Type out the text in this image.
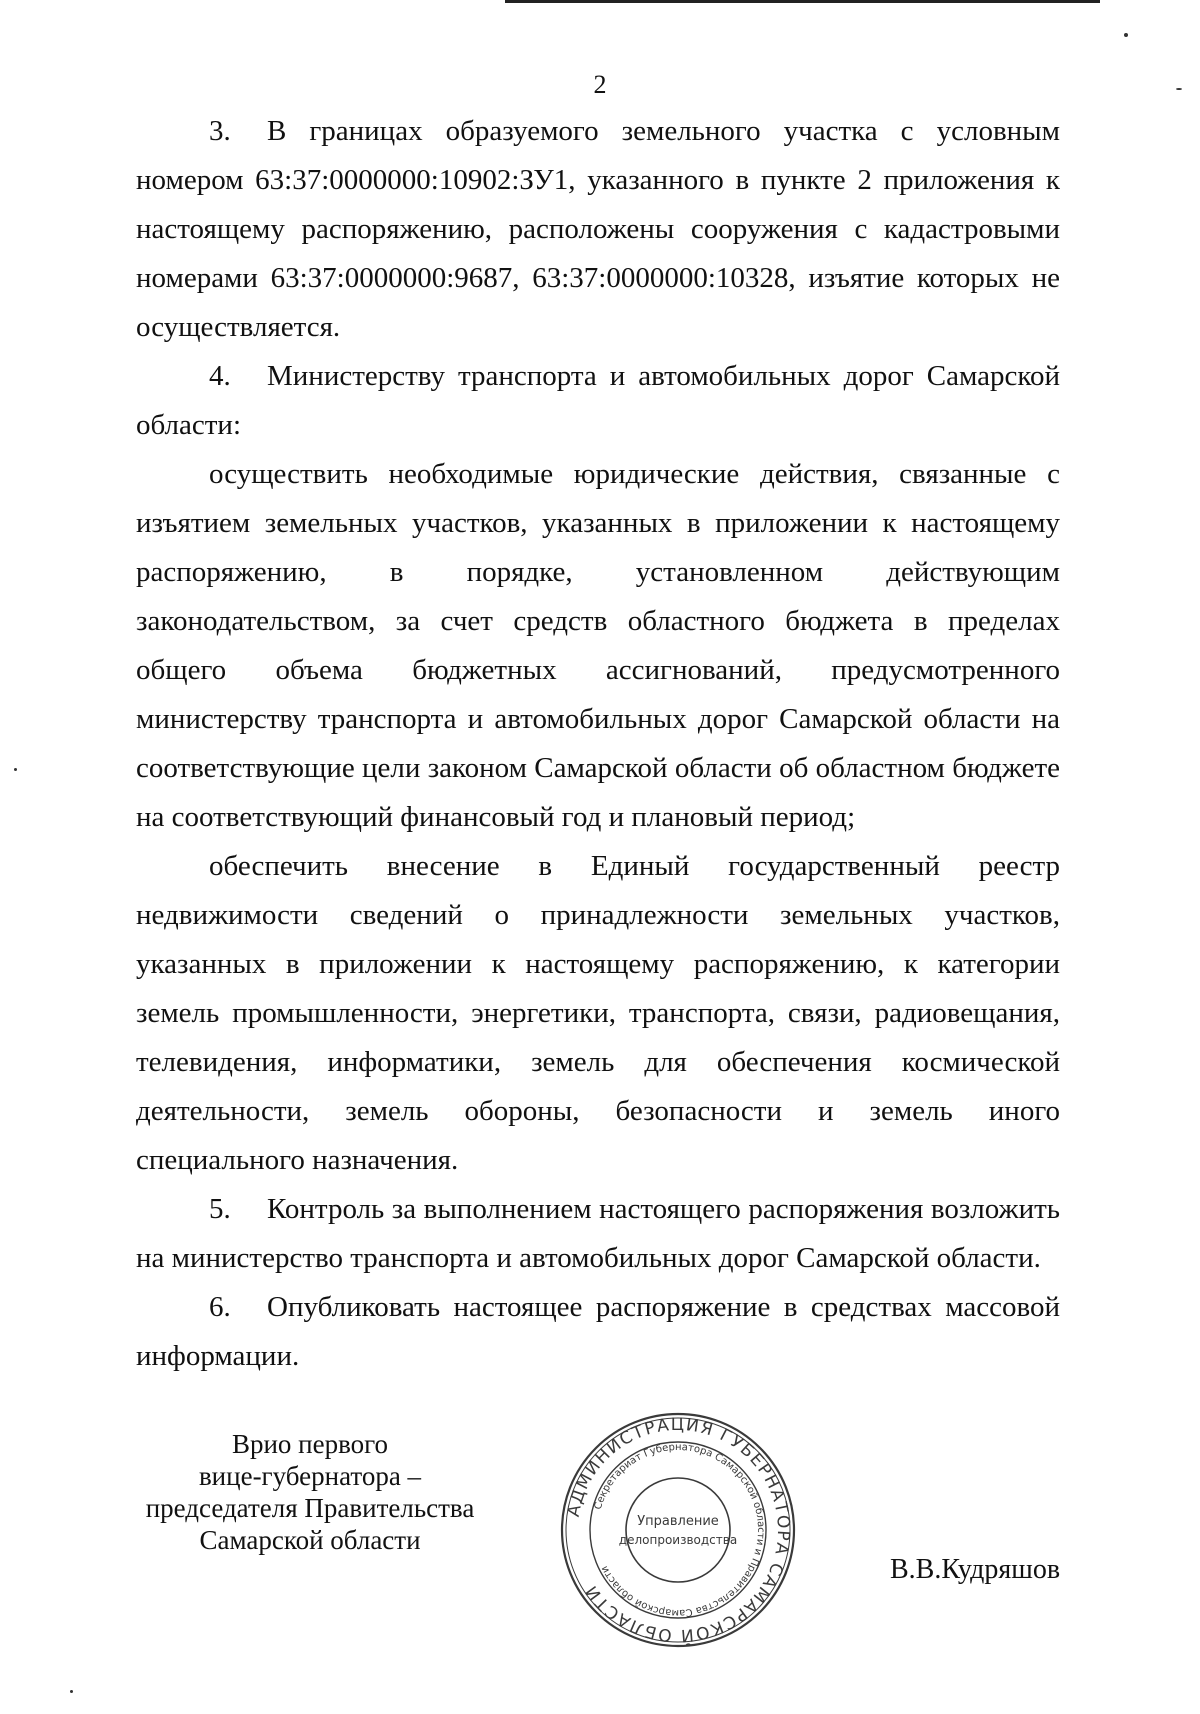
2

3. В границах образуемого земельного участка с условным номером 63:37:0000000:10902:ЗУ1, указанного в пункте 2 приложения к настоящему распоряжению, расположены сооружения с кадастровыми номерами 63:37:0000000:9687, 63:37:0000000:10328, изъятие которых не осуществляется.

4. Министерству транспорта и автомобильных дорог Самарской области:

осуществить необходимые юридические действия, связанные с изъятием земельных участков, указанных в приложении к настоящему распоряжению, в порядке, установленном действующим законодательством, за счет средств областного бюджета в пределах общего объема бюджетных ассигнований, предусмотренного министерству транспорта и автомобильных дорог Самарской области на соответствующие цели законом Самарской области об областном бюджете на соответствующий финансовый год и плановый период;

обеспечить внесение в Единый государственный реестр недвижимости сведений о принадлежности земельных участков, указанных в приложении к настоящему распоряжению, к категории земель промышленности, энергетики, транспорта, связи, радиовещания, телевидения, информатики, земель для обеспечения космической деятельности, земель обороны, безопасности и земель иного специального назначения.

5. Контроль за выполнением настоящего распоряжения возложить на министерство транспорта и автомобильных дорог Самарской области.

6. Опубликовать настоящее распоряжение в средствах массовой информации.

Врио первого
вице-губернатора –
председателя Правительства
Самарской области
АДМИНИСТРАЦИЯ ГУБЕРНАТОРА САМАРСКОЙ ОБЛАСТИ
Секретариат Губернатора Самарской области и Правительства Самарской области
Управление
делопроизводства
В.В.Кудряшов
